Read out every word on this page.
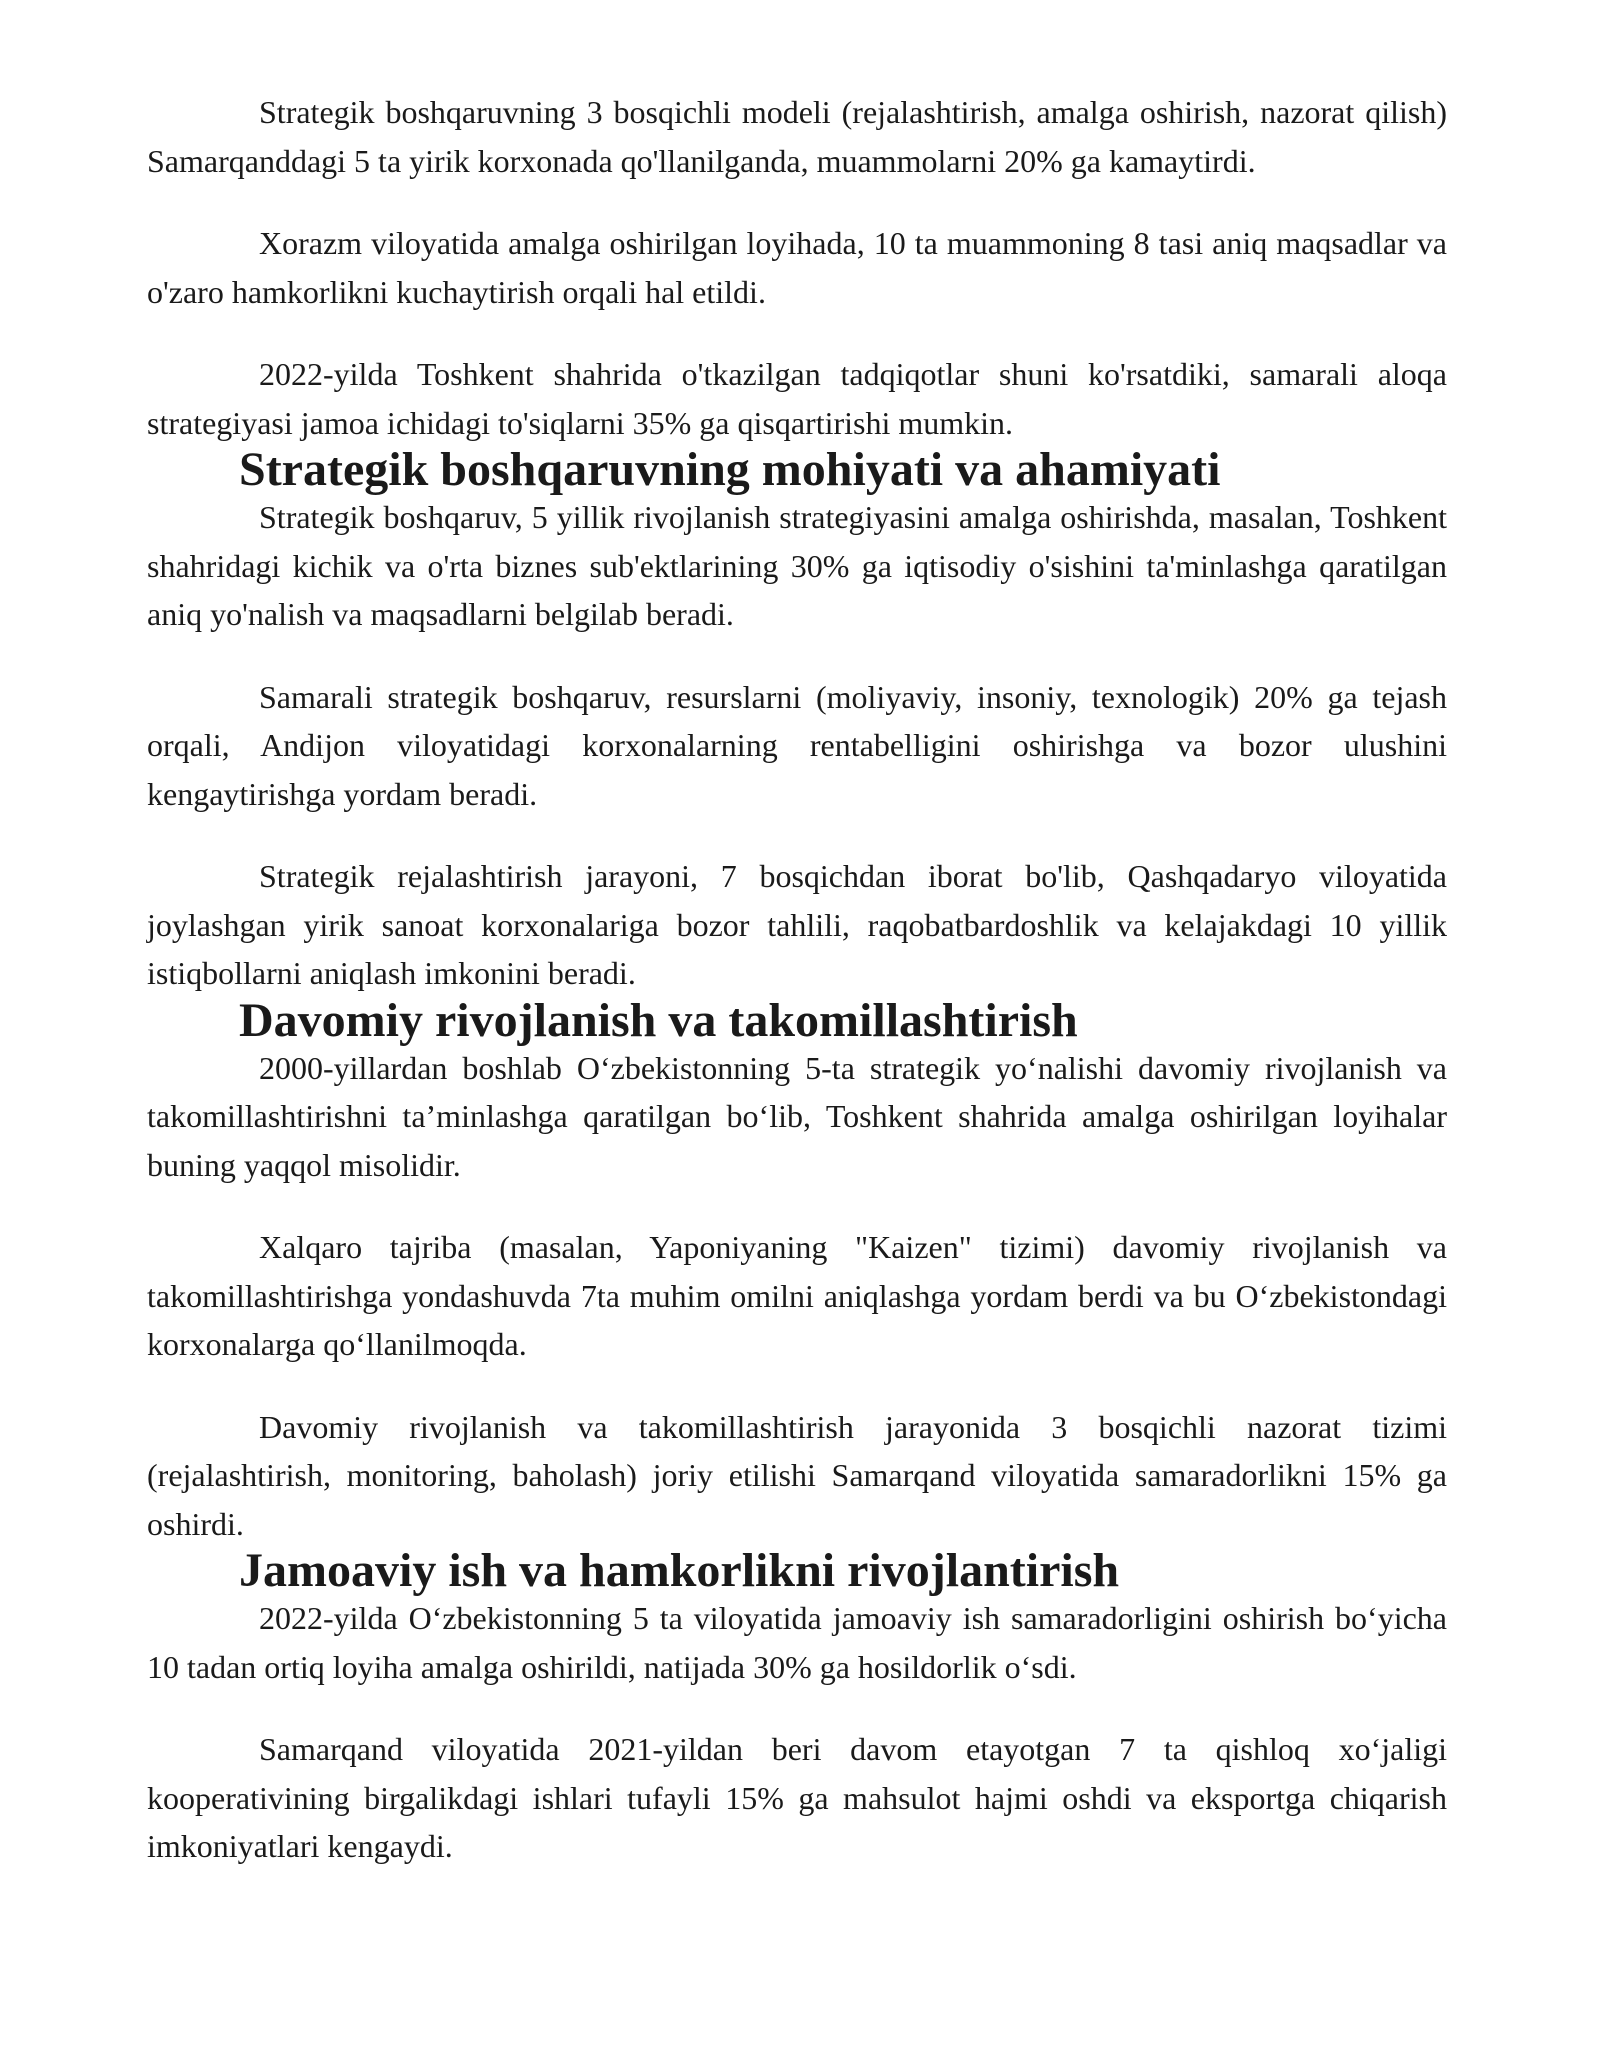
Strategik boshqaruvning 3 bosqichli modeli (rejalashtirish, amalga oshirish, nazorat qilish) Samarqanddagi 5 ta yirik korxonada qo'llanilganda, muammolarni 20% ga kamaytirdi.

Xorazm viloyatida amalga oshirilgan loyihada, 10 ta muammoning 8 tasi aniq maqsadlar va o'zaro hamkorlikni kuchaytirish orqali hal etildi.

2022-yilda Toshkent shahrida o'tkazilgan tadqiqotlar shuni ko'rsatdiki, samarali aloqa strategiyasi jamoa ichidagi to'siqlarni 35% ga qisqartirishi mumkin.

Strategik boshqaruvning mohiyati va ahamiyati

Strategik boshqaruv, 5 yillik rivojlanish strategiyasini amalga oshirishda, masalan, Toshkent shahridagi kichik va o'rta biznes sub'ektlarining 30% ga iqtisodiy o'sishini ta'minlashga qaratilgan aniq yo'nalish va maqsadlarni belgilab beradi.

Samarali strategik boshqaruv, resurslarni (moliyaviy, insoniy, texnologik) 20% ga tejash orqali, Andijon viloyatidagi korxonalarning rentabelligini oshirishga va bozor ulushini kengaytirishga yordam beradi.

Strategik rejalashtirish jarayoni, 7 bosqichdan iborat bo'lib, Qashqadaryo viloyatida joylashgan yirik sanoat korxonalariga bozor tahlili, raqobatbardoshlik va kelajakdagi 10 yillik istiqbollarni aniqlash imkonini beradi.

Davomiy rivojlanish va takomillashtirish

2000-yillardan boshlab O‘zbekistonning 5-ta strategik yo‘nalishi davomiy rivojlanish va takomillashtirishni ta’minlashga qaratilgan bo‘lib, Toshkent shahrida amalga oshirilgan loyihalar buning yaqqol misolidir.

Xalqaro tajriba (masalan, Yaponiyaning "Kaizen" tizimi) davomiy rivojlanish va takomillashtirishga yondashuvda 7ta muhim omilni aniqlashga yordam berdi va bu O‘zbekistondagi korxonalarga qo‘llanilmoqda.

Davomiy rivojlanish va takomillashtirish jarayonida 3 bosqichli nazorat tizimi (rejalashtirish, monitoring, baholash) joriy etilishi Samarqand viloyatida samaradorlikni 15% ga oshirdi.

Jamoaviy ish va hamkorlikni rivojlantirish

2022-yilda O‘zbekistonning 5 ta viloyatida jamoaviy ish samaradorligini oshirish bo‘yicha 10 tadan ortiq loyiha amalga oshirildi, natijada 30% ga hosildorlik o‘sdi.

Samarqand viloyatida 2021-yildan beri davom etayotgan 7 ta qishloq xo‘jaligi kooperativining birgalikdagi ishlari tufayli 15% ga mahsulot hajmi oshdi va eksportga chiqarish imkoniyatlari kengaydi.
